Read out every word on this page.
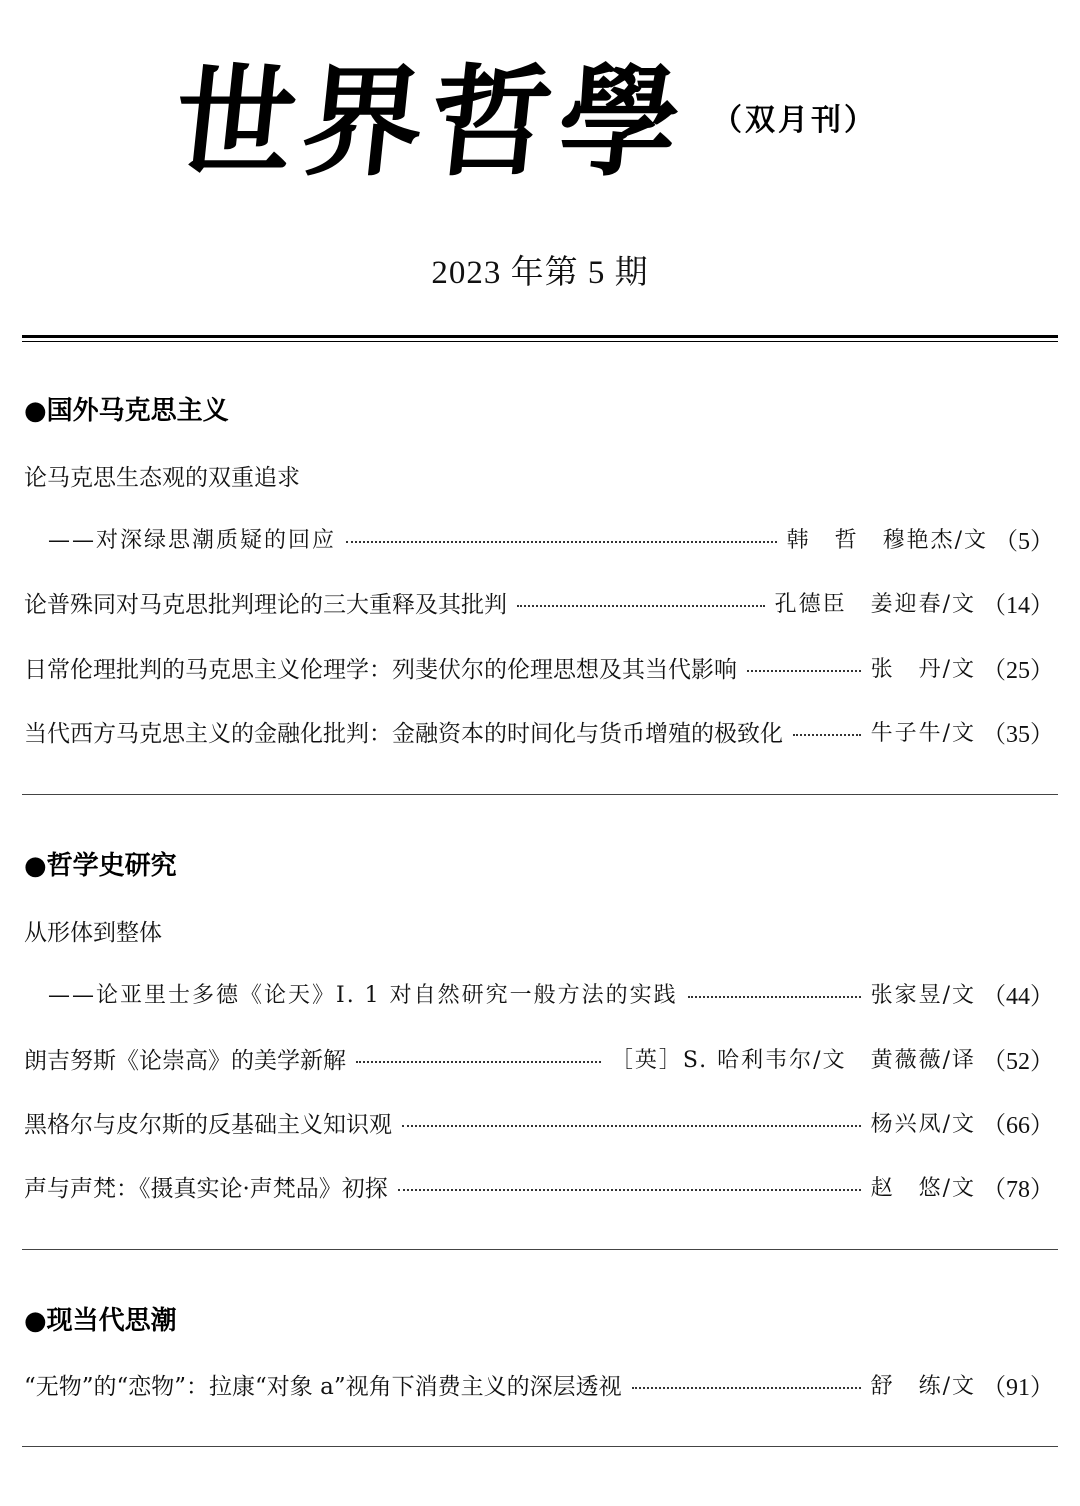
世界哲學 （双月刊）
2023 年第 5 期
●国外马克思主义
论马克思生态观的双重追求
——对深绿思潮质疑的回应	韩　哲　穆艳杰/文 （5）
论普殊同对马克思批判理论的三大重释及其批判	孔德臣　姜迎春/文 （14）
日常伦理批判的马克思主义伦理学：列斐伏尔的伦理思想及其当代影响	张　丹/文 （25）
当代西方马克思主义的金融化批判：金融资本的时间化与货币增殖的极致化	牛子牛/文 （35）
●哲学史研究
从形体到整体
——论亚里士多德《论天》I. 1 对自然研究一般方法的实践	张家昱/文 （44）
朗吉努斯《论崇高》的美学新解	［英］S. 哈利韦尔/文　黄薇薇/译 （52）
黑格尔与皮尔斯的反基础主义知识观	杨兴凤/文 （66）
声与声梵：《摄真实论·声梵品》初探	赵　悠/文 （78）
●现当代思潮
“无物”的“恋物”：拉康“对象 a”视角下消费主义的深层透视	舒　练/文 （91）
